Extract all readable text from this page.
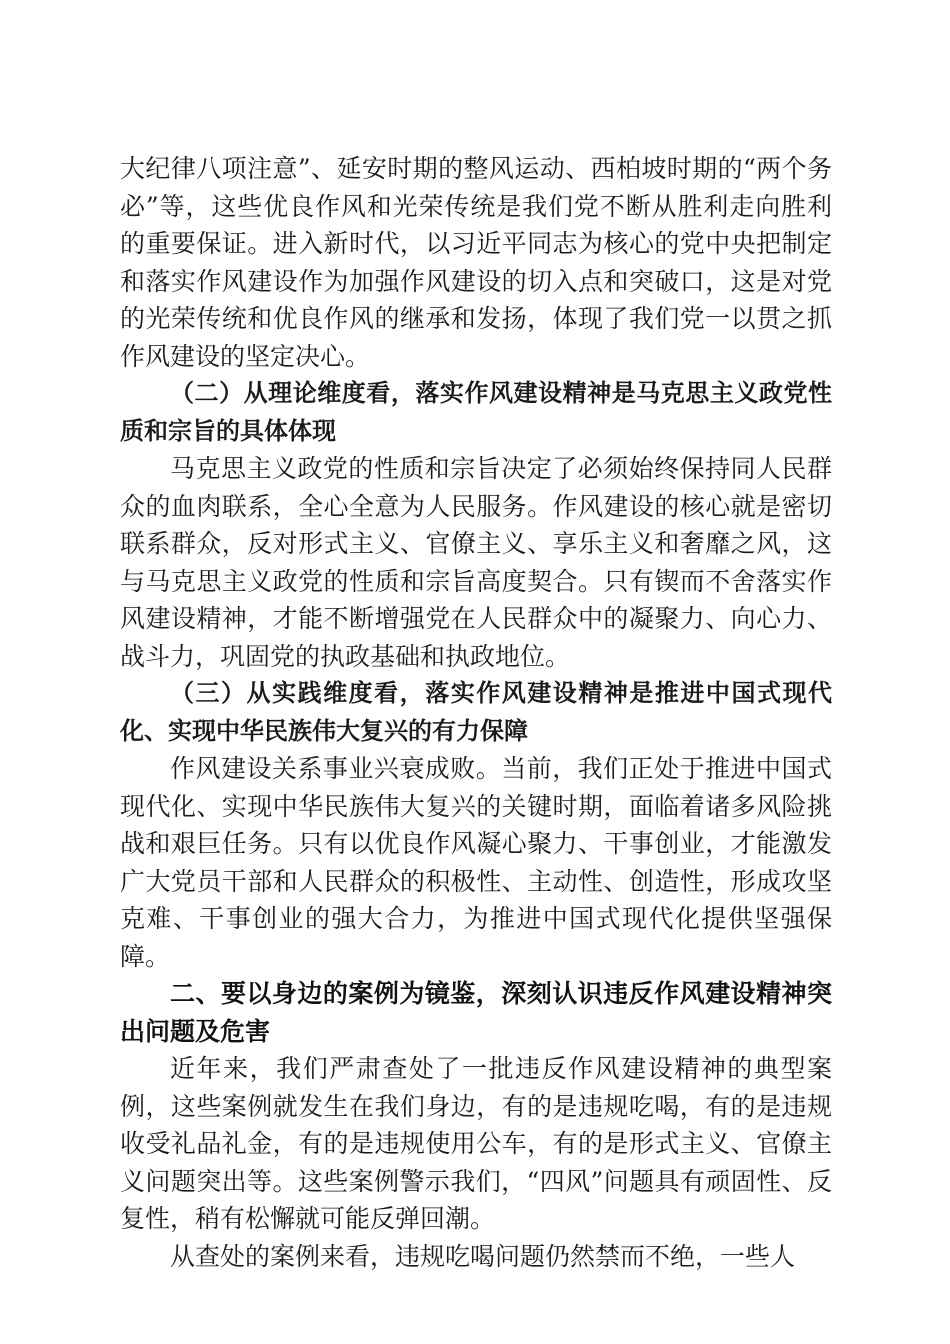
大纪律八项注意”、延安时期的整风运动、西柏坡时期的“两个务必”等，这些优良作风和光荣传统是我们党不断从胜利走向胜利的重要保证。进入新时代，以习近平同志为核心的党中央把制定和落实作风建设作为加强作风建设的切入点和突破口，这是对党的光荣传统和优良作风的继承和发扬，体现了我们党一以贯之抓作风建设的坚定决心。

（二）从理论维度看，落实作风建设精神是马克思主义政党性质和宗旨的具体体现

马克思主义政党的性质和宗旨决定了必须始终保持同人民群众的血肉联系，全心全意为人民服务。作风建设的核心就是密切联系群众，反对形式主义、官僚主义、享乐主义和奢靡之风，这与马克思主义政党的性质和宗旨高度契合。只有锲而不舍落实作风建设精神，才能不断增强党在人民群众中的凝聚力、向心力、战斗力，巩固党的执政基础和执政地位。

（三）从实践维度看，落实作风建设精神是推进中国式现代化、实现中华民族伟大复兴的有力保障

作风建设关系事业兴衰成败。当前，我们正处于推进中国式现代化、实现中华民族伟大复兴的关键时期，面临着诸多风险挑战和艰巨任务。只有以优良作风凝心聚力、干事创业，才能激发广大党员干部和人民群众的积极性、主动性、创造性，形成攻坚克难、干事创业的强大合力，为推进中国式现代化提供坚强保障。

二、要以身边的案例为镜鉴，深刻认识违反作风建设精神突出问题及危害

近年来，我们严肃查处了一批违反作风建设精神的典型案例，这些案例就发生在我们身边，有的是违规吃喝，有的是违规收受礼品礼金，有的是违规使用公车，有的是形式主义、官僚主义问题突出等。这些案例警示我们，“四风”问题具有顽固性、反复性，稍有松懈就可能反弹回潮。

从查处的案例来看，违规吃喝问题仍然禁而不绝，一些人
